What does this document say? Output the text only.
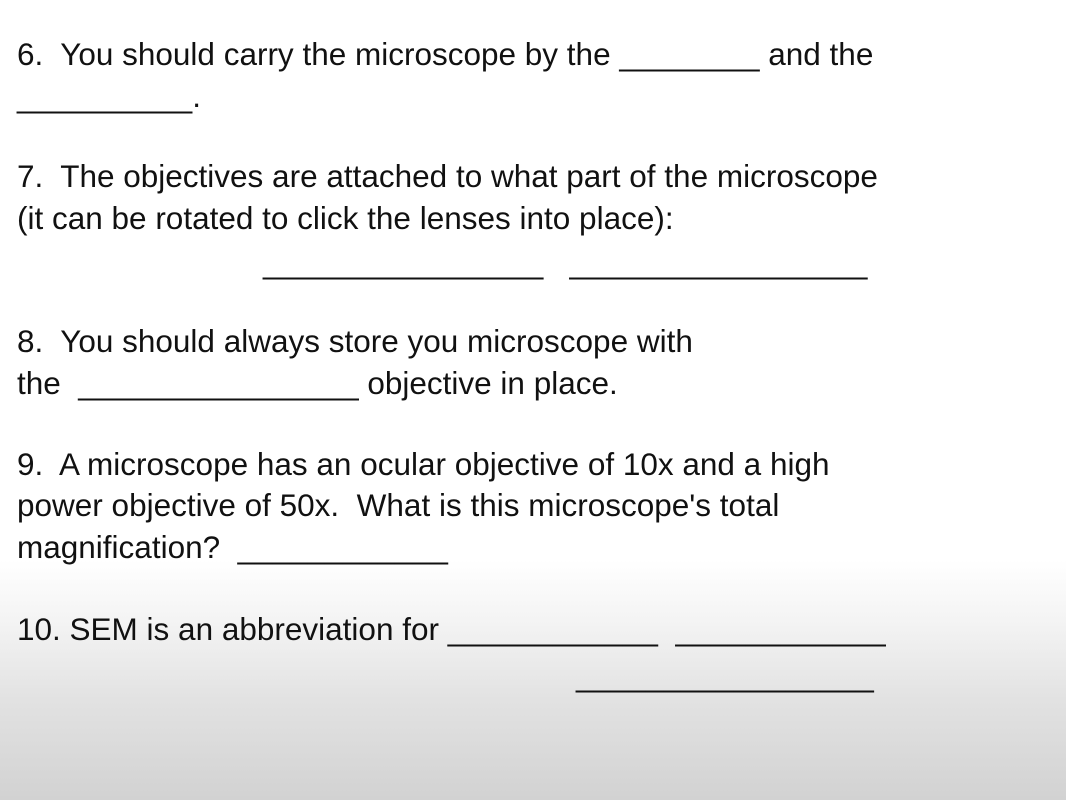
6.  You should carry the microscope by the ________ and the

__________.

7.  The objectives are attached to what part of the microscope

(it can be rotated to click the lenses into place):

________________   _________________

8.  You should always store you microscope with

the  ________________ objective in place.

9.  A microscope has an ocular objective of 10x and a high

power objective of 50x.  What is this microscope's total

magnification?  ____________

10. SEM is an abbreviation for ____________  ____________

_________________
